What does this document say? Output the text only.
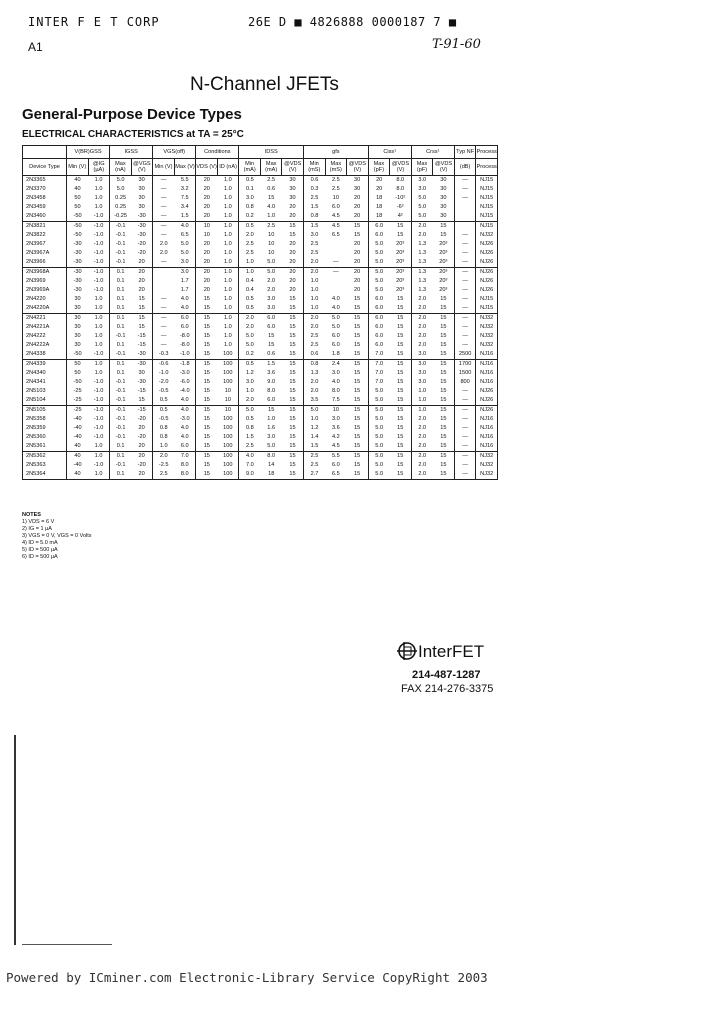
INTER F E T CORP	26E D ■ 4826888 0000187 7 ■
A1	T-91-60
N-Channel JFETs
General-Purpose Device Types
ELECTRICAL CHARACTERISTICS at TA = 25°C
	V(BR)GSS		IGSS		VGS(off)		Conditions		IDSS			gfs			Ciss¹		Crss¹		Typ NF	Process
Device Type	Min (V)	@IG (µA)	Max (nA)	@VGS (V)	Min (V)	Max (V)	VDS (V)	ID (nA)	Min (mA)	Max (mA)	@VDS (V)	Min (mS)	Max (mS)	@VDS (V)	Max (pF)	@VDS (V)	Max (pF)	@VDS (V)	(dB)	Process
2N3365	40	1.0	5.0	30	—	5.5	20	1.0	0.5	2.5	30	0.6	2.5	30	20	8.0	3.0	30	—	NJ15
2N3370	40	1.0	5.0	30	—	3.2	20	1.0	0.1	0.6	30	0.3	2.5	30	20	8.0	3.0	30	—	NJ15
2N3458	50	1.0	0.25	30	—	7.5	20	1.0	3.0	15	30	2.5	10	20	18	-10²	5.0	30	—	NJ15
2N3459	50	1.0	0.25	30	—	3.4	20	1.0	0.8	4.0	20	1.5	6.0	20	18	-6²	5.0	30		NJ15
2N3460	-50	-1.0	-0.25	-30	—	1.5	20	1.0	0.2	1.0	20	0.8	4.5	20	18	4²	5.0	30		NJ15
2N3821	-50	-1.0	-0.1	-30	—	4.0	10	1.0	0.5	2.5	15	1.5	4.5	15	6.0	15	2.0	15		NJ15
2N3822	-50	-1.0	-0.1	-30	—	6.5	10	1.0	2.0	10	15	3.0	6.5	15	6.0	15	2.0	15	—	NJ32
2N3967	-30	-1.0	-0.1	-20	2.0	5.0	20	1.0	2.5	10	20	2.5		20	5.0	20³	1.3	20³	—	NJ26
2N3967A	-30	-1.0	-0.1	-20	2.0	5.0	20	1.0	2.5	10	20	2.5		20	5.0	20³	1.3	20³	—	NJ26
2N3966	-30	-1.0	-0.1	20	—	3.0	20	1.0	1.0	5.0	20	2.0	—	20	5.0	20³	1.3	20³	—	NJ26
2N3968A	-30	-1.0	0.1	20		3.0	20	1.0	1.0	5.0	20	2.0	—	20	5.0	20³	1.3	20³	—	NJ26
2N3969	-30	-1.0	0.1	20		1.7	20	1.0	0.4	2.0	20	1.0		20	5.0	20³	1.3	20³	—	NJ26
2N3969A	-30	-1.0	0.1	20		1.7	20	1.0	0.4	2.0	20	1.0		20	5.0	20³	1.3	20³	—	NJ26
2N4220	30	1.0	0.1	15	—	4.0	15	1.0	0.5	3.0	15	1.0	4.0	15	6.0	15	2.0	15	—	NJ15
2N4220A	30	1.0	0.1	15	—	4.0	15	1.0	0.5	3.0	15	1.0	4.0	15	6.0	15	2.0	15	—	NJ15
2N4221	30	1.0	0.1	15	—	6.0	15	1.0	2.0	6.0	15	2.0	5.0	15	6.0	15	2.0	15	—	NJ32
2N4221A	30	1.0	0.1	15	—	6.0	15	1.0	2.0	6.0	15	2.0	5.0	15	6.0	15	2.0	15	—	NJ32
2N4222	30	1.0	-0.1	-15	—	-8.0	15	1.0	5.0	15	15	2.5	6.0	15	6.0	15	2.0	15	—	NJ32
2N4222A	30	1.0	0.1	-15	—	-8.0	15	1.0	5.0	15	15	2.5	6.0	15	6.0	15	2.0	15	—	NJ32
2N4338	-50	-1.0	-0.1	-30	-0.3	-1.0	15	100	0.2	0.6	15	0.6	1.8	15	7.0	15	3.0	15	2500	NJ16
2N4339	50	1.0	0.1	-30	-0.6	-1.8	15	100	0.5	1.5	15	0.8	2.4	15	7.0	15	3.0	15	1700	NJ16
2N4340	50	1.0	0.1	30	-1.0	-3.0	15	100	1.2	3.6	15	1.3	3.0	15	7.0	15	3.0	15	1500	NJ16
2N4341	-50	-1.0	-0.1	-30	-2.0	-6.0	15	100	3.0	9.0	15	2.0	4.0	15	7.0	15	3.0	15	800	NJ16
2N5103	-25	-1.0	-0.1	-15	-0.5	-4.0	15	10	1.0	8.0	15	2.0	8.0	15	5.0	15	1.0	15	—	NJ26
2N5104	-25	-1.0	-0.1	15	0.5	4.0	15	10	2.0	6.0	15	3.5	7.5	15	5.0	15	1.0	15	—	NJ26
2N5105	-25	-1.0	-0.1	-15	0.5	4.0	15	10	5.0	15	15	5.0	10	15	5.0	15	1.0	15	—	NJ26
2N5358	-40	-1.0	-0.1	-20	-0.5	-3.0	15	100	0.5	1.0	15	1.0	3.0	15	5.0	15	2.0	15	—	NJ16
2N5359	-40	-1.0	-0.1	20	0.8	4.0	15	100	0.8	1.6	15	1.2	3.6	15	5.0	15	2.0	15	—	NJ16
2N5360	-40	-1.0	-0.1	-20	0.8	4.0	15	100	1.5	3.0	15	1.4	4.2	15	5.0	15	2.0	15	—	NJ16
2N5361	40	1.0	0.1	20	1.0	6.0	15	100	2.5	5.0	15	1.5	4.5	15	5.0	15	2.0	15	—	NJ16
2N5362	40	1.0	0.1	20	2.0	7.0	15	100	4.0	8.0	15	2.5	5.5	15	5.0	15	2.0	15	—	NJ32
2N5363	-40	-1.0	-0.1	-20	-2.5	8.0	15	100	7.0	14	15	2.5	6.0	15	5.0	15	2.0	15	—	NJ32
2N5364	40	1.0	0.1	20	2.5	8.0	15	100	9.0	18	15	2.7	6.5	15	5.0	15	2.0	15	—	NJ32
NOTES
1) VDS = 6 V
2) IG = 1 µA
3) VGS = 0 V, VGS = 0 Volts
4) ID = 5.0 mA
5) ID = 500 µA
6) ID = 500 µA
InterFET
214-487-1287
FAX 214-276-3375
Powered by ICminer.com Electronic-Library Service CopyRight 2003
